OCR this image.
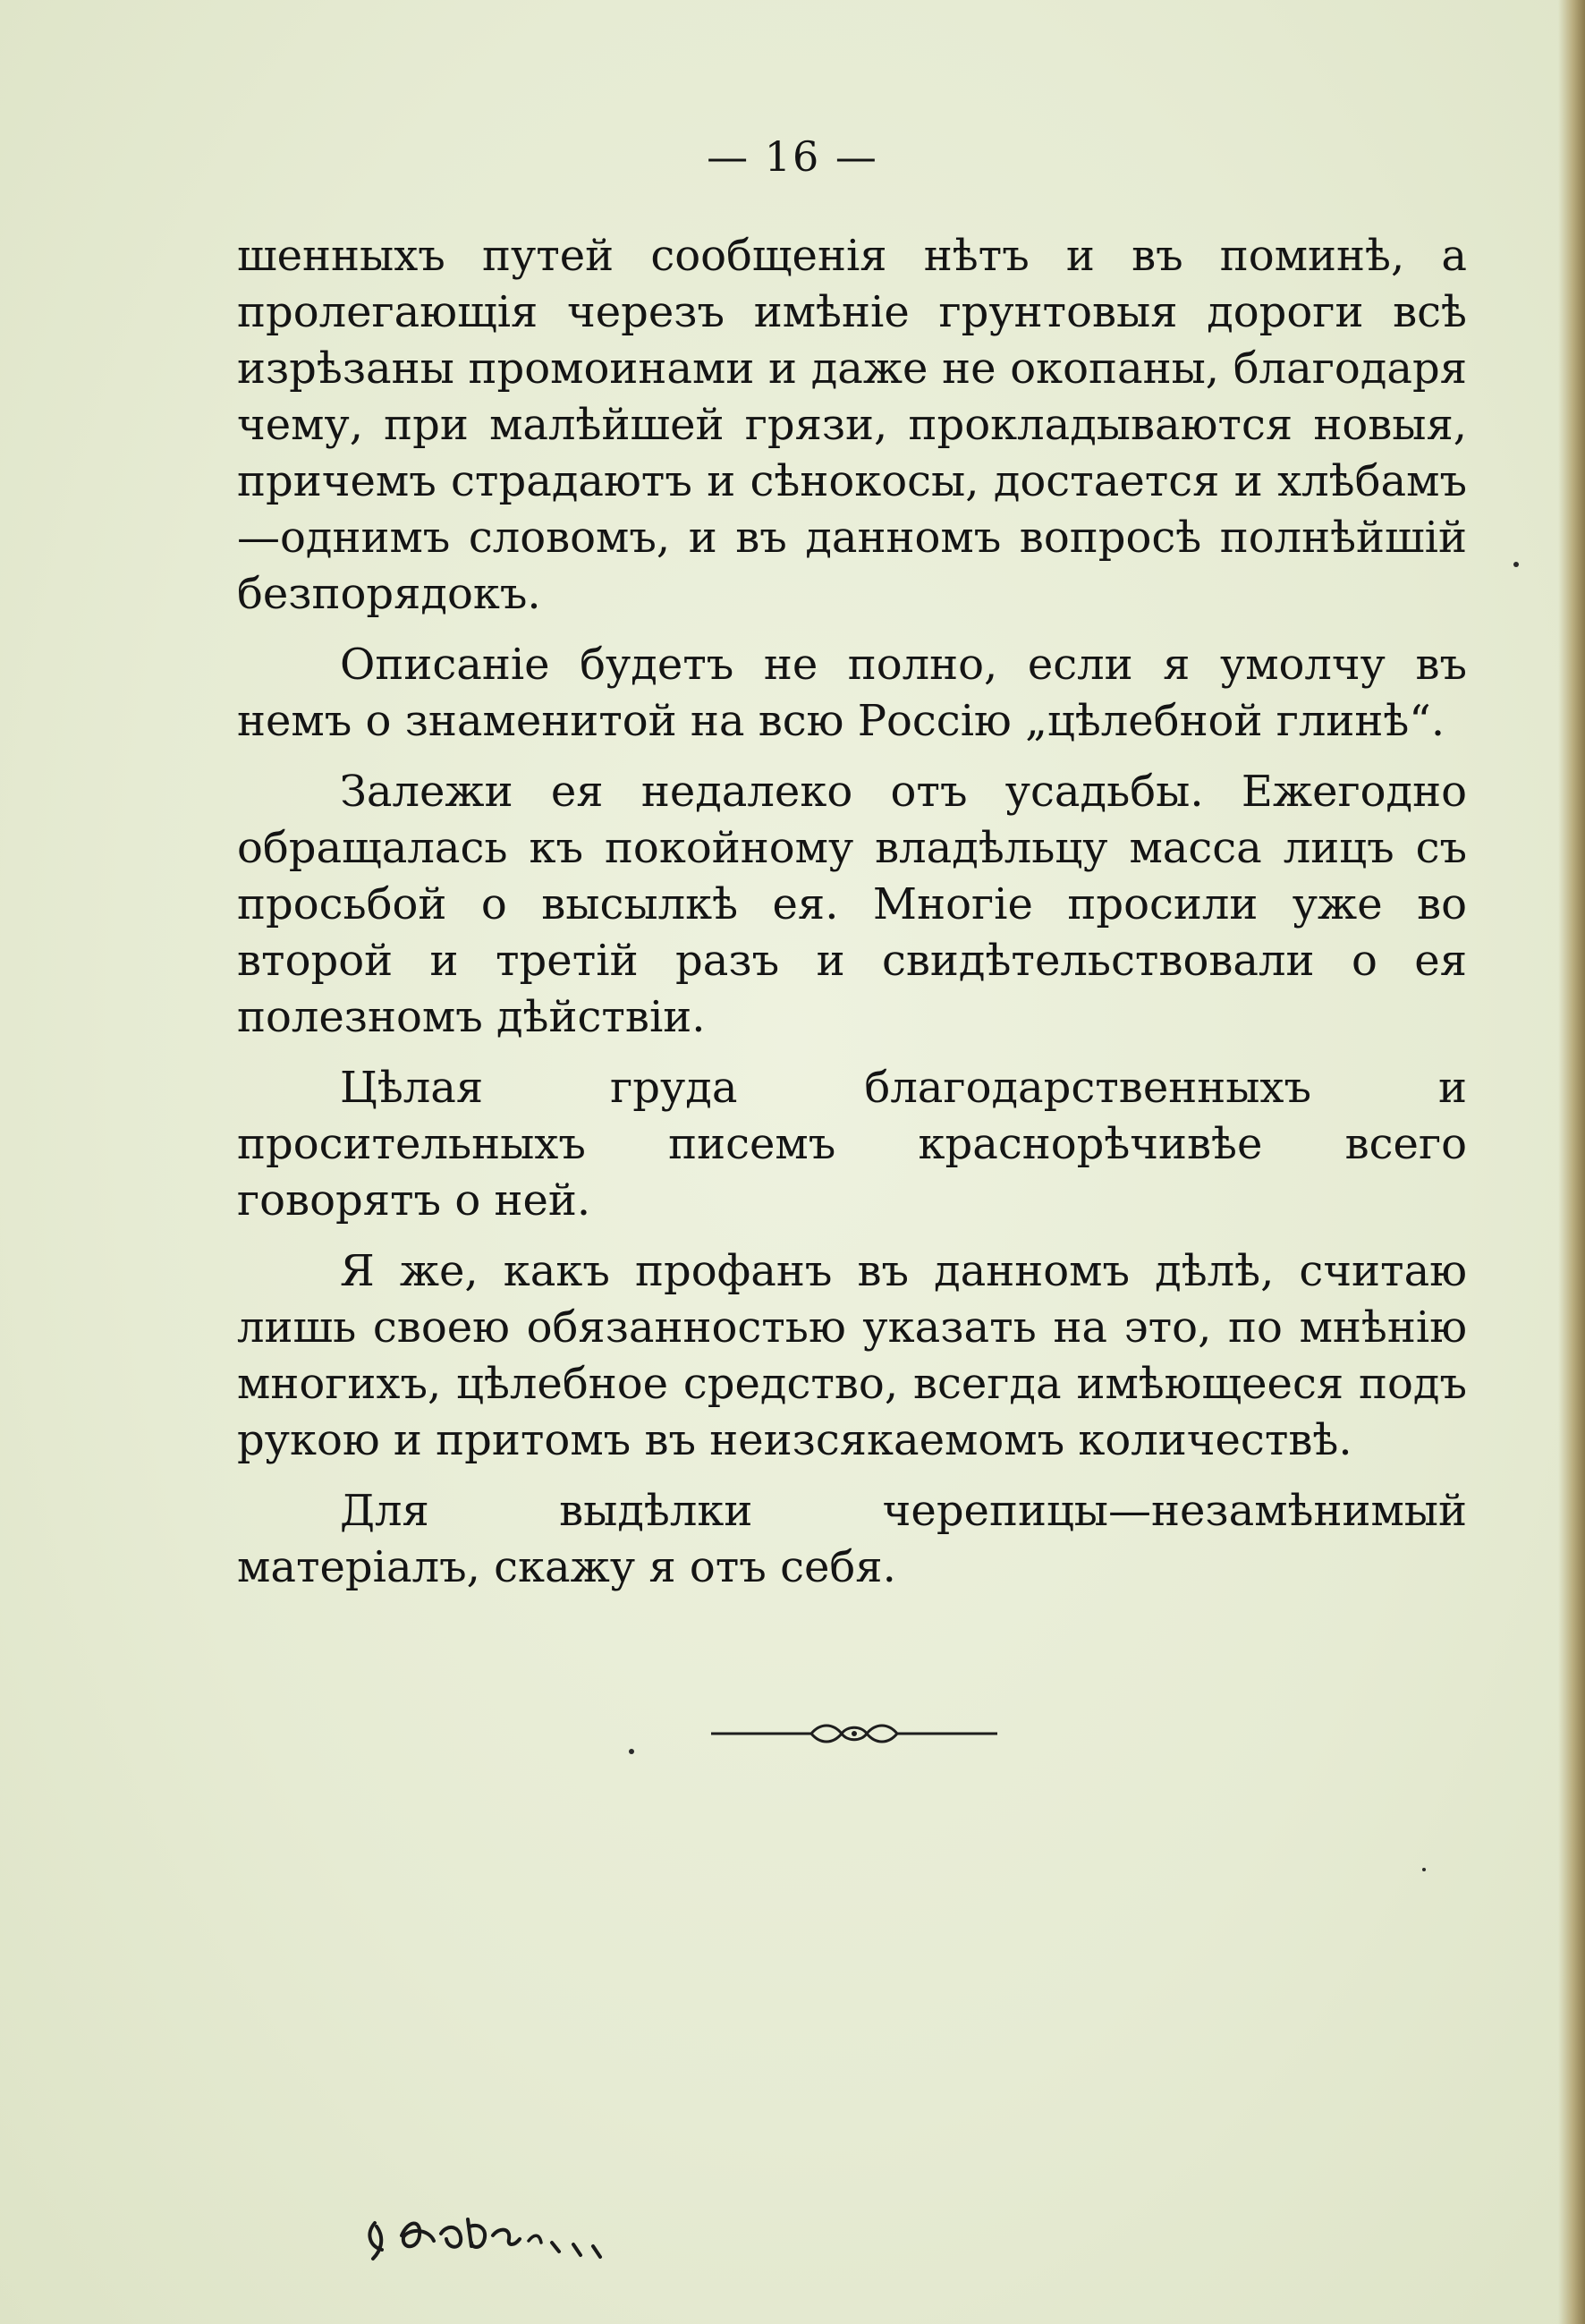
— 16 —

шенныхъ путей сообщенія нѣтъ и въ поминѣ, а пролегающія черезъ имѣніе грунтовыя дороги всѣ изрѣзаны промоинами и даже не окопаны, благодаря чему, при малѣйшей грязи, прокладываются новыя, причемъ страдаютъ и сѣнокосы, достается и хлѣбамъ—однимъ словомъ, и въ данномъ вопросѣ полнѣйшій безпорядокъ.

Описаніе будетъ не полно, если я умолчу въ немъ о знаменитой на всю Россію „цѣлебной глинѣ“.

Залежи ея недалеко отъ усадьбы. Ежегодно обращалась къ покойному владѣльцу масса лицъ съ просьбой о высылкѣ ея. Многіе просили уже во второй и третій разъ и свидѣтельствовали о ея полезномъ дѣйствіи.

Цѣлая груда благодарственныхъ и просительныхъ писемъ краснорѣчивѣе всего говорятъ о ней.

Я же, какъ профанъ въ данномъ дѣлѣ, считаю лишь своею обязанностью указать на это, по мнѣнію многихъ, цѣлебное средство, всегда имѣющееся подъ рукою и притомъ въ неизсякаемомъ количествѣ.

Для выдѣлки черепицы—незамѣнимый матеріалъ, скажу я отъ себя.
